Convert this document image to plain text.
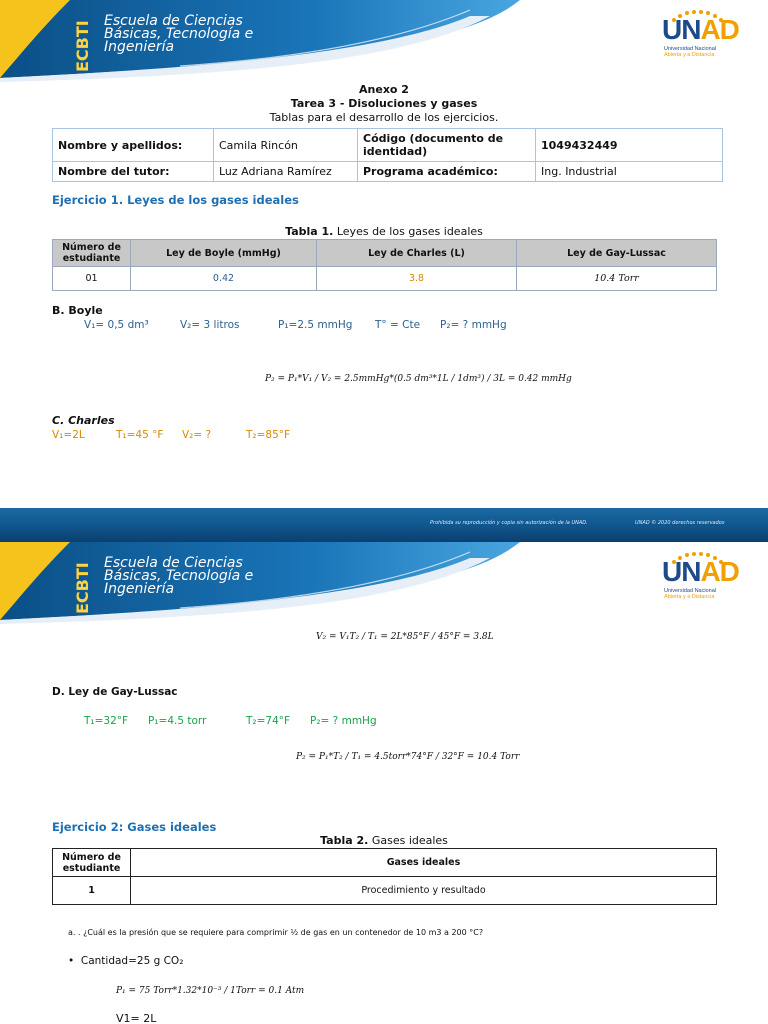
ECBTI Escuela de Ciencias
Básicas, Tecnología e
Ingeniería
UNAD
Universidad Nacional
Abierta y a Distancia
Anexo 2
Tarea 3 - Disoluciones y gases
Tablas para el desarrollo de los ejercicios.
Nombre y apellidos:	Camila Rincón	Código (documento de identidad)	1049432449
Nombre del tutor:	Luz Adriana Ramírez	Programa académico:	Ing. Industrial
Ejercicio 1. Leyes de los gases ideales
Tabla 1. Leyes de los gases ideales
Número de estudiante	Ley de Boyle (mmHg)	Ley de Charles (L)	Ley de Gay-Lussac
01	0.42	3.8	10.4 Torr
B. Boyle
V₁= 0,5 dm³	V₂= 3 litros	P₁=2.5 mmHg T° = Cte P₂= ? mmHg
P₂ = P₁*V₁ / V₂ = 2.5mmHg*(0.5 dm³*1L / 1dm³) / 3L = 0.42 mmHg
C. Charles
V₁=2L	T₁=45 °F V₂= ?	T₂=85°F
Prohibida su reproducción y copia sin autorización de la UNAD.	UNAD © 2020 derechos reservados
ECBTI Escuela de Ciencias
Básicas, Tecnología e
Ingeniería
UNAD
Universidad Nacional
Abierta y a Distancia
V₂ = V₁T₂ / T₁ = 2L*85°F / 45°F = 3.8L
D. Ley de Gay-Lussac
T₁=32°F P₁=4.5 torr	T₂=74°F P₂= ? mmHg
P₂ = P₁*T₂ / T₁ = 4.5torr*74°F / 32°F = 10.4 Torr
Ejercicio 2: Gases ideales
Tabla 2. Gases ideales
Número de estudiante	Gases ideales
1	Procedimiento y resultado
a. . ¿Cuál es la presión que se requiere para comprimir ½ de gas en un contenedor de 10 m3 a 200 °C?
•  Cantidad=25 g CO₂
P₁ = 75 Torr*1.32*10⁻³ / 1Torr = 0.1 Atm
V1= 2L
